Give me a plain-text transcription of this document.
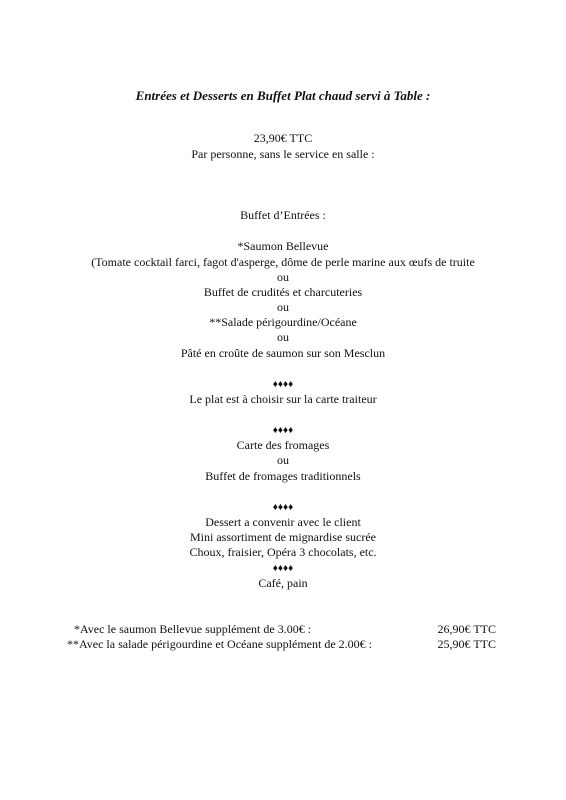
Entrées et Desserts en Buffet Plat chaud servi à Table :
23,90€ TTC
Par personne, sans le service en salle :
Buffet d’Entrées :
*Saumon Bellevue
(Tomate cocktail farci, fagot d'asperge, dôme de perle marine aux œufs de truite
ou
Buffet de crudités et charcuteries
ou
**Salade périgourdine/Océane
ou
Pâté en croûte de saumon sur son Mesclun
♦♦♦♦
Le plat est à choisir sur la carte traiteur
♦♦♦♦
Carte des fromages
ou
Buffet de fromages traditionnels
♦♦♦♦
Dessert a convenir avec le client
Mini assortiment de mignardise sucrée
Choux, fraisier, Opéra 3 chocolats, etc.
♦♦♦♦
Café, pain
*Avec le saumon Bellevue supplément de 3.00€ :	26,90€ TTC
**Avec la salade périgourdine et Océane supplément de 2.00€ :	25,90€ TTC
